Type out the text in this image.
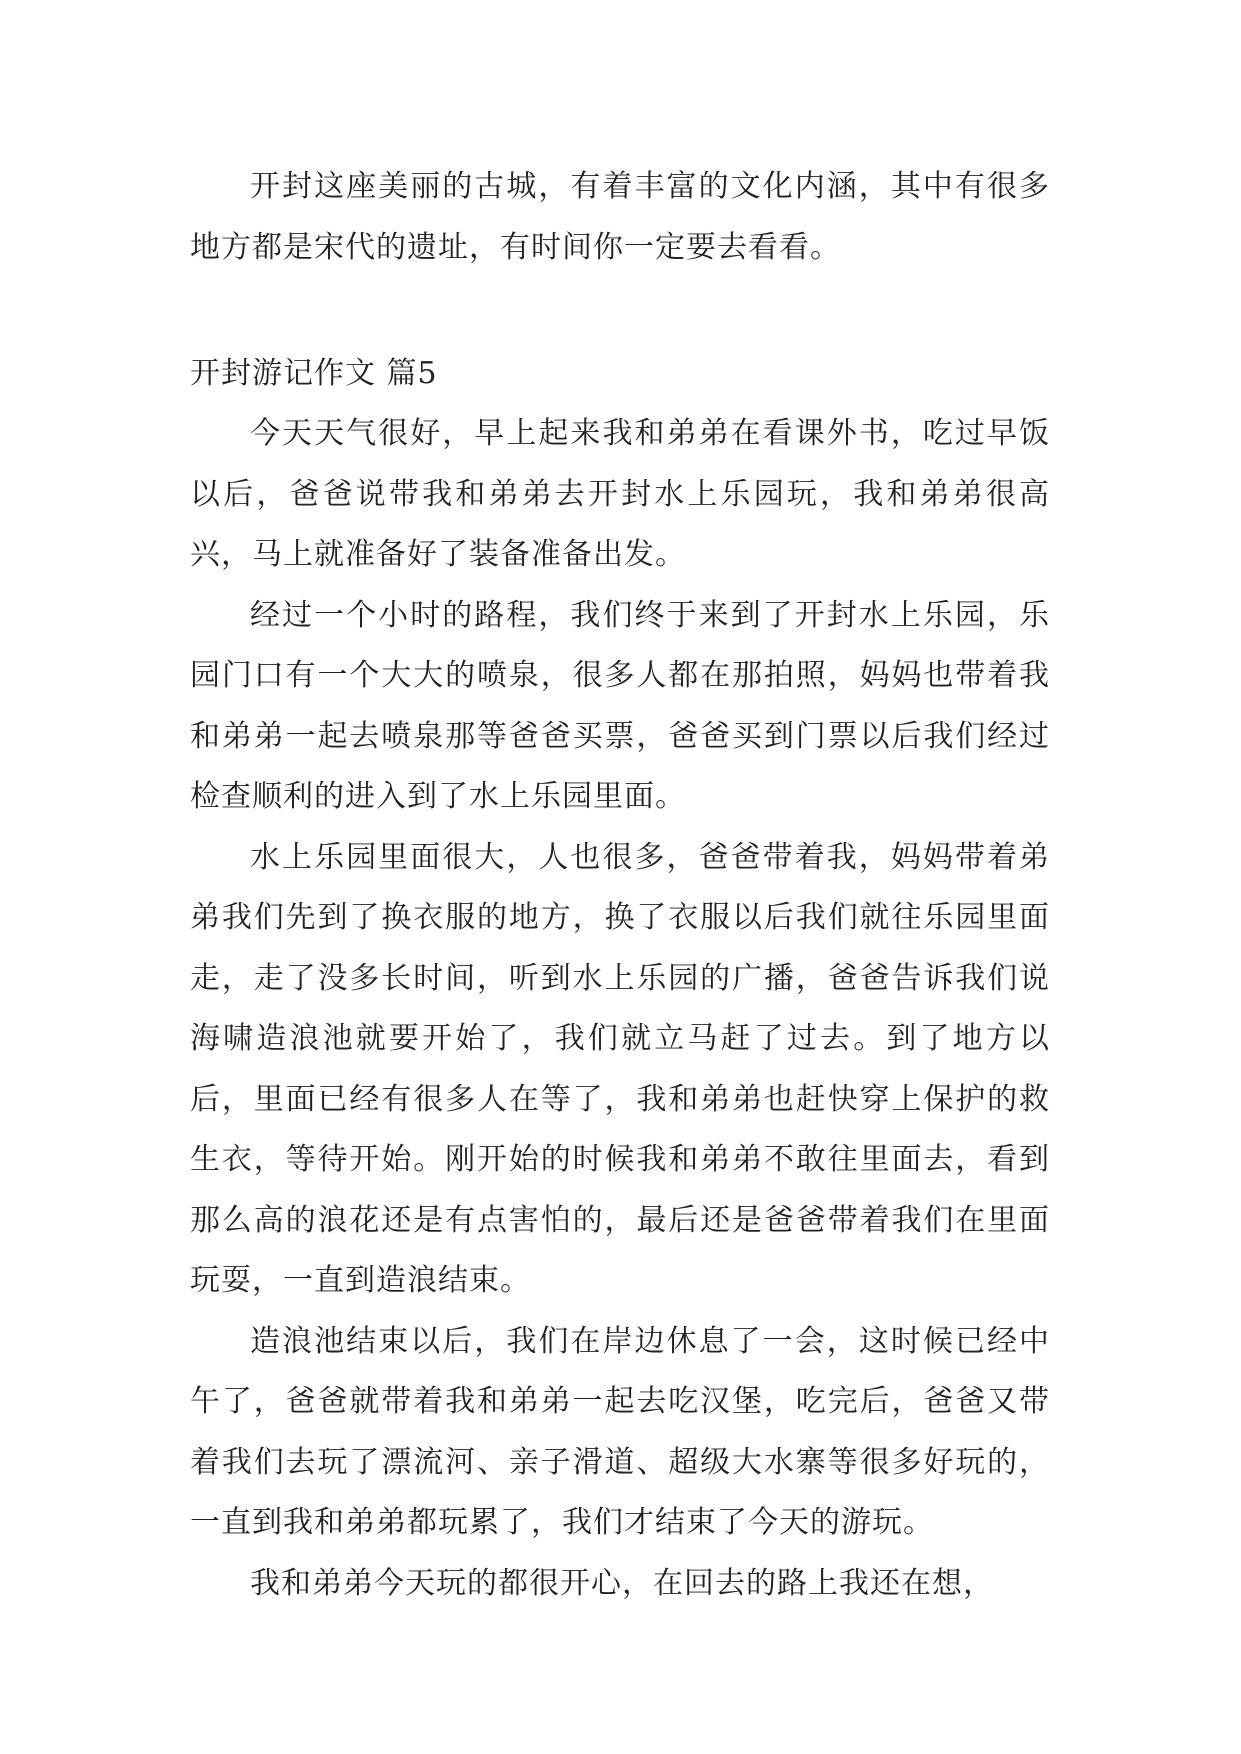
开封这座美丽的古城，有着丰富的文化内涵，其中有很多地方都是宋代的遗址，有时间你一定要去看看。

开封游记作文 篇5

今天天气很好，早上起来我和弟弟在看课外书，吃过早饭以后，爸爸说带我和弟弟去开封水上乐园玩，我和弟弟很高兴，马上就准备好了装备准备出发。

经过一个小时的路程，我们终于来到了开封水上乐园，乐园门口有一个大大的喷泉，很多人都在那拍照，妈妈也带着我和弟弟一起去喷泉那等爸爸买票，爸爸买到门票以后我们经过检查顺利的进入到了水上乐园里面。

水上乐园里面很大，人也很多，爸爸带着我，妈妈带着弟弟我们先到了换衣服的地方，换了衣服以后我们就往乐园里面走，走了没多长时间，听到水上乐园的广播，爸爸告诉我们说海啸造浪池就要开始了，我们就立马赶了过去。到了地方以后，里面已经有很多人在等了，我和弟弟也赶快穿上保护的救生衣，等待开始。刚开始的时候我和弟弟不敢往里面去，看到那么高的浪花还是有点害怕的，最后还是爸爸带着我们在里面玩耍，一直到造浪结束。

造浪池结束以后，我们在岸边休息了一会，这时候已经中午了，爸爸就带着我和弟弟一起去吃汉堡，吃完后，爸爸又带着我们去玩了漂流河、亲子滑道、超级大水寨等很多好玩的，一直到我和弟弟都玩累了，我们才结束了今天的游玩。

我和弟弟今天玩的都很开心，在回去的路上我还在想，
